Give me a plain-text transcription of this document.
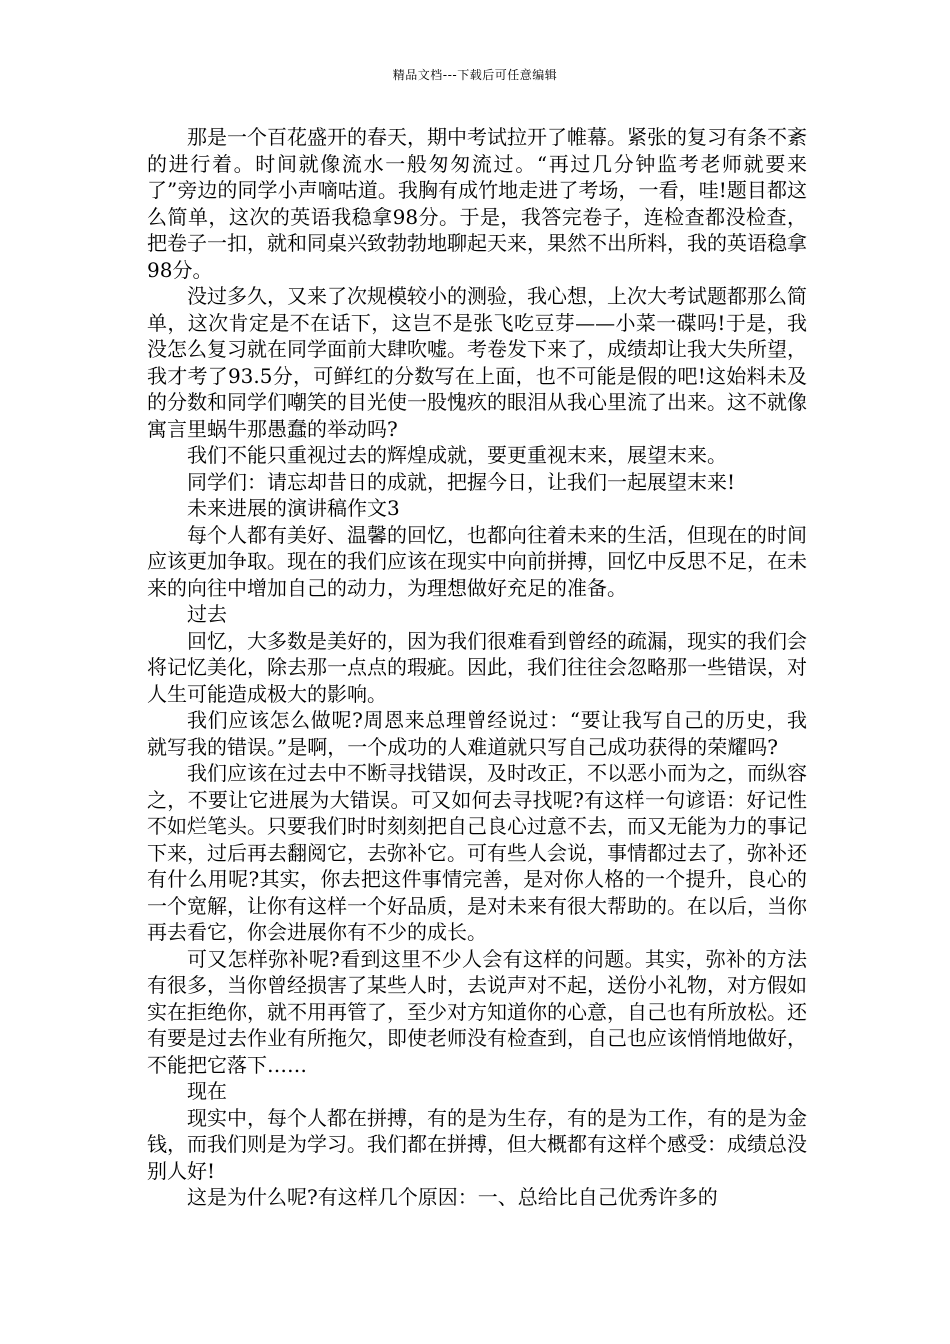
精品文档---下载后可任意编辑

那是一个百花盛开的春天，期中考试拉开了帷幕。紧张的复习有条不紊的进行着。时间就像流水一般匆匆流过。“再过几分钟监考老师就要来了”旁边的同学小声嘀咕道。我胸有成竹地走进了考场，一看，哇!题目都这么简单，这次的英语我稳拿98分。于是，我答完卷子，连检查都没检查，把卷子一扣，就和同桌兴致勃勃地聊起天来，果然不出所料，我的英语稳拿98分。

没过多久，又来了次规模较小的测验，我心想，上次大考试题都那么简单，这次肯定是不在话下，这岂不是张飞吃豆芽——小菜一碟吗!于是，我没怎么复习就在同学面前大肆吹嘘。考卷发下来了，成绩却让我大失所望，我才考了93.5分，可鲜红的分数写在上面，也不可能是假的吧!这始料未及的分数和同学们嘲笑的目光使一股愧疚的眼泪从我心里流了出来。这不就像寓言里蜗牛那愚蠢的举动吗?

我们不能只重视过去的辉煌成就，要更重视末来，展望末来。

同学们：请忘却昔日的成就，把握今日，让我们一起展望末来!

未来进展的演讲稿作文3

每个人都有美好、温馨的回忆，也都向往着未来的生活，但现在的时间应该更加争取。现在的我们应该在现实中向前拼搏，回忆中反思不足，在未来的向往中增加自己的动力，为理想做好充足的准备。

过去

回忆，大多数是美好的，因为我们很难看到曾经的疏漏，现实的我们会将记忆美化，除去那一点点的瑕疵。因此，我们往往会忽略那一些错误，对人生可能造成极大的影响。

我们应该怎么做呢?周恩来总理曾经说过：“要让我写自己的历史，我就写我的错误。”是啊，一个成功的人难道就只写自己成功获得的荣耀吗?

我们应该在过去中不断寻找错误，及时改正，不以恶小而为之，而纵容之，不要让它进展为大错误。可又如何去寻找呢?有这样一句谚语：好记性不如烂笔头。只要我们时时刻刻把自己良心过意不去，而又无能为力的事记下来，过后再去翻阅它，去弥补它。可有些人会说，事情都过去了，弥补还有什么用呢?其实，你去把这件事情完善，是对你人格的一个提升，良心的一个宽解，让你有这样一个好品质，是对未来有很大帮助的。在以后，当你再去看它，你会进展你有不少的成长。

可又怎样弥补呢?看到这里不少人会有这样的问题。其实，弥补的方法有很多，当你曾经损害了某些人时，去说声对不起，送份小礼物，对方假如实在拒绝你，就不用再管了，至少对方知道你的心意，自己也有所放松。还有要是过去作业有所拖欠，即使老师没有检查到，自己也应该悄悄地做好，不能把它落下……

现在

现实中，每个人都在拼搏，有的是为生存，有的是为工作，有的是为金钱，而我们则是为学习。我们都在拼搏，但大概都有这样个感受：成绩总没别人好!

这是为什么呢?有这样几个原因：一、总给比自己优秀许多的
